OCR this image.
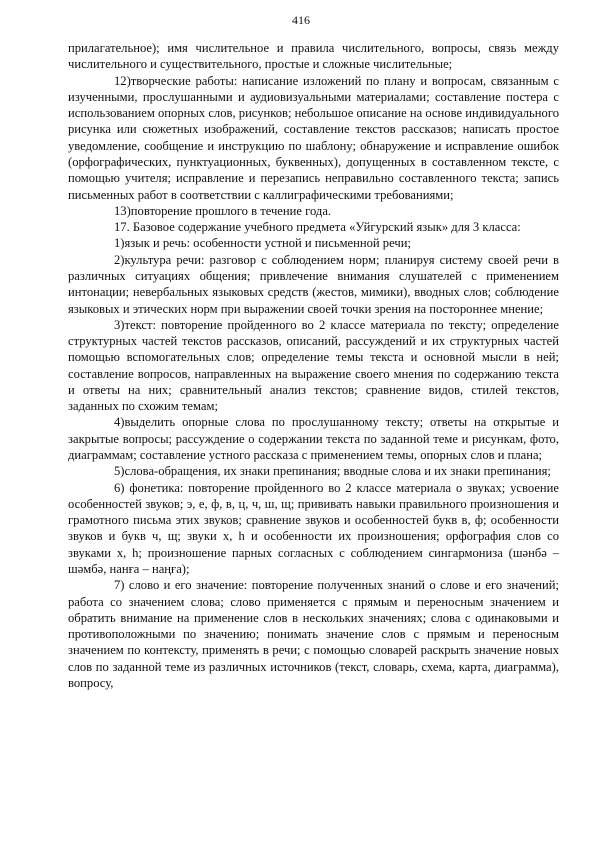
416

прилагательное); имя числительное и правила числительного, вопросы, связь между числительного и существительного, простые и сложные числительные;

12)творческие работы: написание изложений по плану и вопросам, связанным с изученными, прослушанными и аудиовизуальными материалами; составление постера с использованием опорных слов, рисунков; небольшое описание на основе индивидуального рисунка или сюжетных изображений, составление текстов рассказов; написать простое уведомление, сообщение и инструкцию по шаблону; обнаружение и исправление ошибок (орфографических, пунктуационных, буквенных), допущенных в составленном тексте, с помощью учителя; исправление и перезапись неправильно составленного текста; запись письменных работ в соответствии с каллиграфическими требованиями;

13)повторение прошлого в течение года.

17. Базовое содержание учебного предмета «Уйгурский язык» для 3 класса:

1)язык и речь: особенности устной и письменной речи;

2)культура речи: разговор с соблюдением норм; планируя систему своей речи в различных ситуациях общения; привлечение внимания слушателей с применением интонации; невербальных языковых средств (жестов, мимики), вводных слов; соблюдение языковых и этических норм при выражении своей точки зрения на постороннее мнение;

3)текст: повторение пройденного во 2 классе материала по тексту; определение структурных частей текстов рассказов, описаний, рассуждений и их структурных частей помощью вспомогательных слов; определение темы текста и основной мысли в ней; составление вопросов, направленных на выражение своего мнения по содержанию текста и ответы на них; сравнительный анализ текстов; сравнение видов, стилей текстов, заданных по схожим темам;

4)выделить опорные слова по прослушанному тексту; ответы на открытые и закрытые вопросы; рассуждение о содержании текста по заданной теме и рисункам, фото, диаграммам; составление устного рассказа с применением темы, опорных слов и плана;

5)слова-обращения, их знаки препинания; вводные слова и их знаки препинания;

6) фонетика: повторение пройденного во 2 классе материала о звуках; усвоение особенностей звуков; э, е, ф, в, ц, ч, ш, щ; прививать навыки правильного произношения и грамотного письма этих звуков; сравнение звуков и особенностей букв в, ф; особенности звуков и букв ч, щ; звуки х, h и особенности их произношения; орфография слов со звуками х, h; произношение парных согласных с соблюдением сингармониза (шәнбә – шәмбә, нанға – наңға);

7) слово и его значение: повторение полученных знаний о слове и его значений; работа со значением слова; слово применяется с прямым и переносным значением и обратить внимание на применение слов в нескольких значениях; слова с одинаковыми и противоположными по значению; понимать значение слов с прямым и переносным значением по контексту, применять в речи; с помощью словарей раскрыть значение новых слов по заданной теме из различных источников (текст, словарь, схема, карта, диаграмма), вопросу,
